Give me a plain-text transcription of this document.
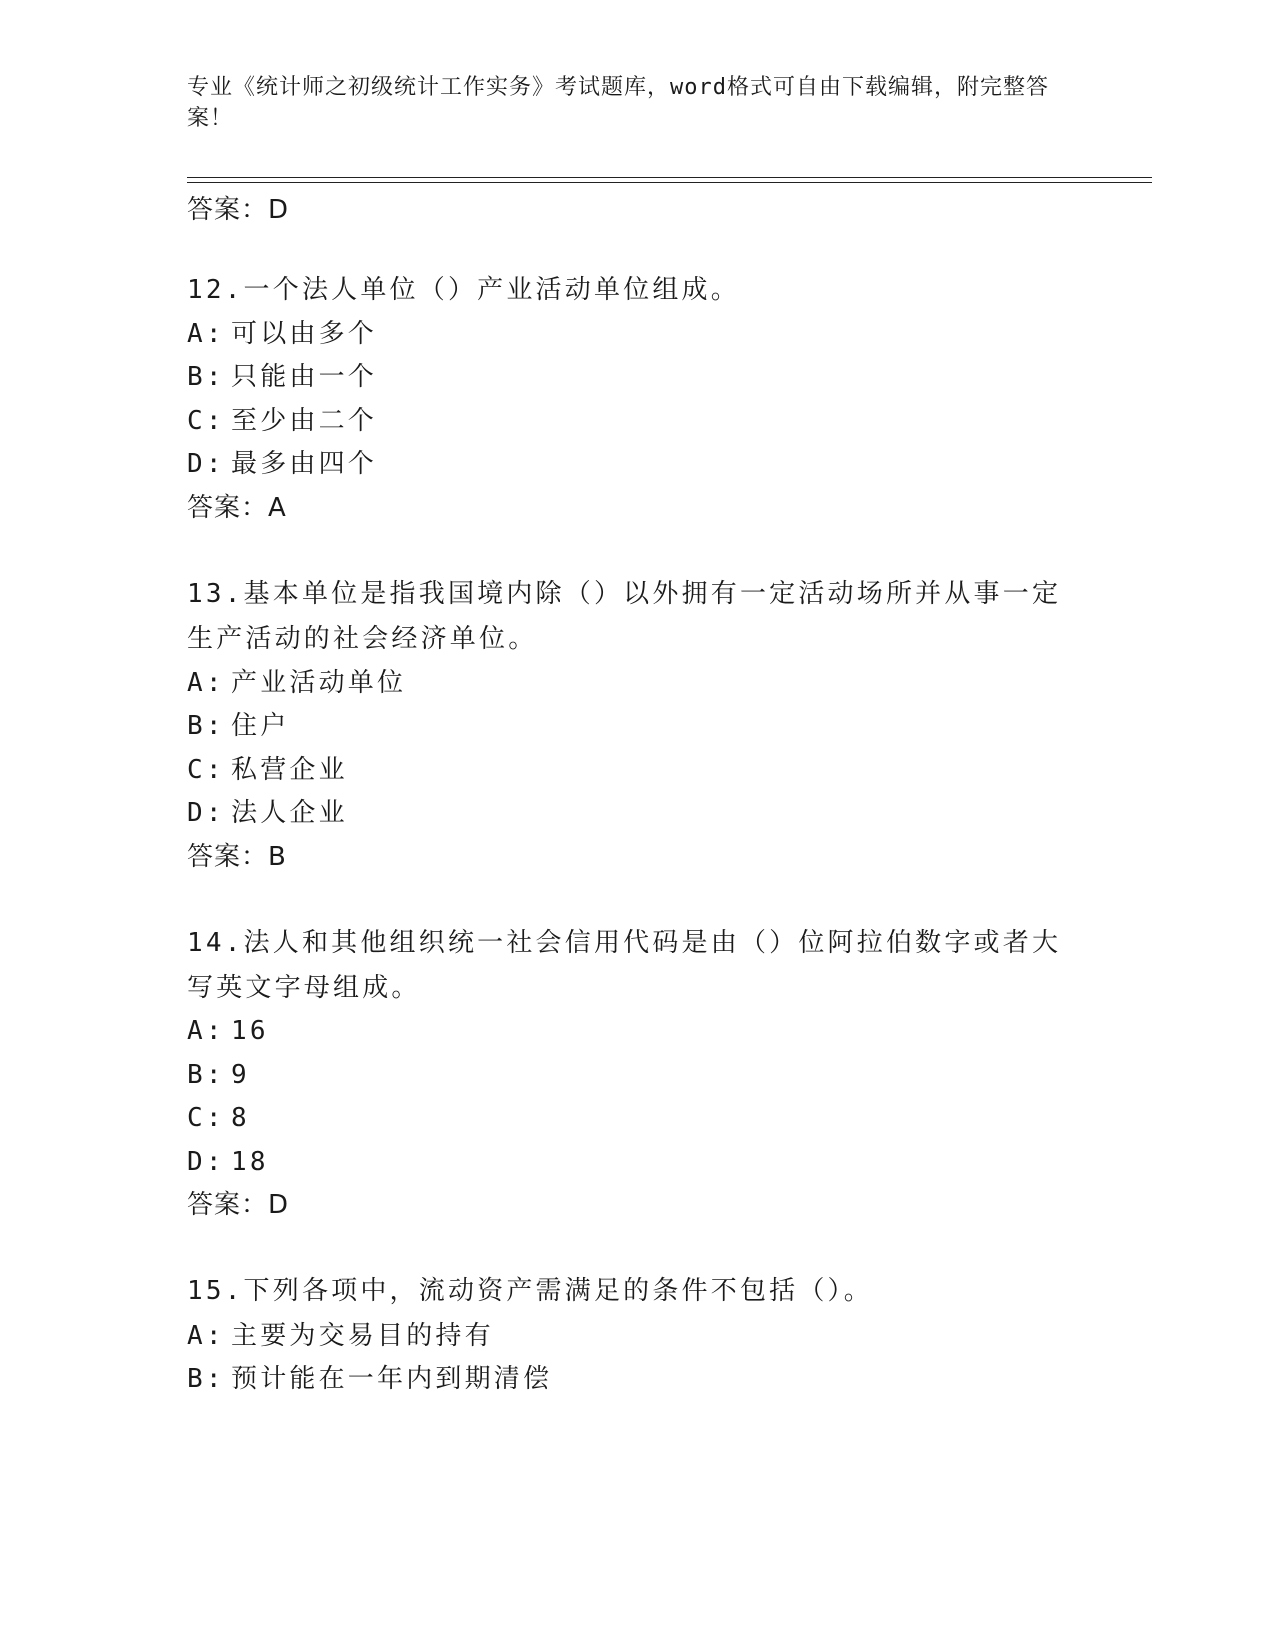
专业《统计师之初级统计工作实务》考试题库，word格式可自由下载编辑，附完整答案！
答案：D
12.一个法人单位（）产业活动单位组成。
A: 可以由多个
B: 只能由一个
C: 至少由二个
D: 最多由四个
答案：A
13.基本单位是指我国境内除（）以外拥有一定活动场所并从事一定生产活动的社会经济单位。
A: 产业活动单位
B: 住户
C: 私营企业
D: 法人企业
答案：B
14.法人和其他组织统一社会信用代码是由（）位阿拉伯数字或者大写英文字母组成。
A: 16
B: 9
C: 8
D: 18
答案：D
15.下列各项中，流动资产需满足的条件不包括（）。
A: 主要为交易目的持有
B: 预计能在一年内到期清偿
